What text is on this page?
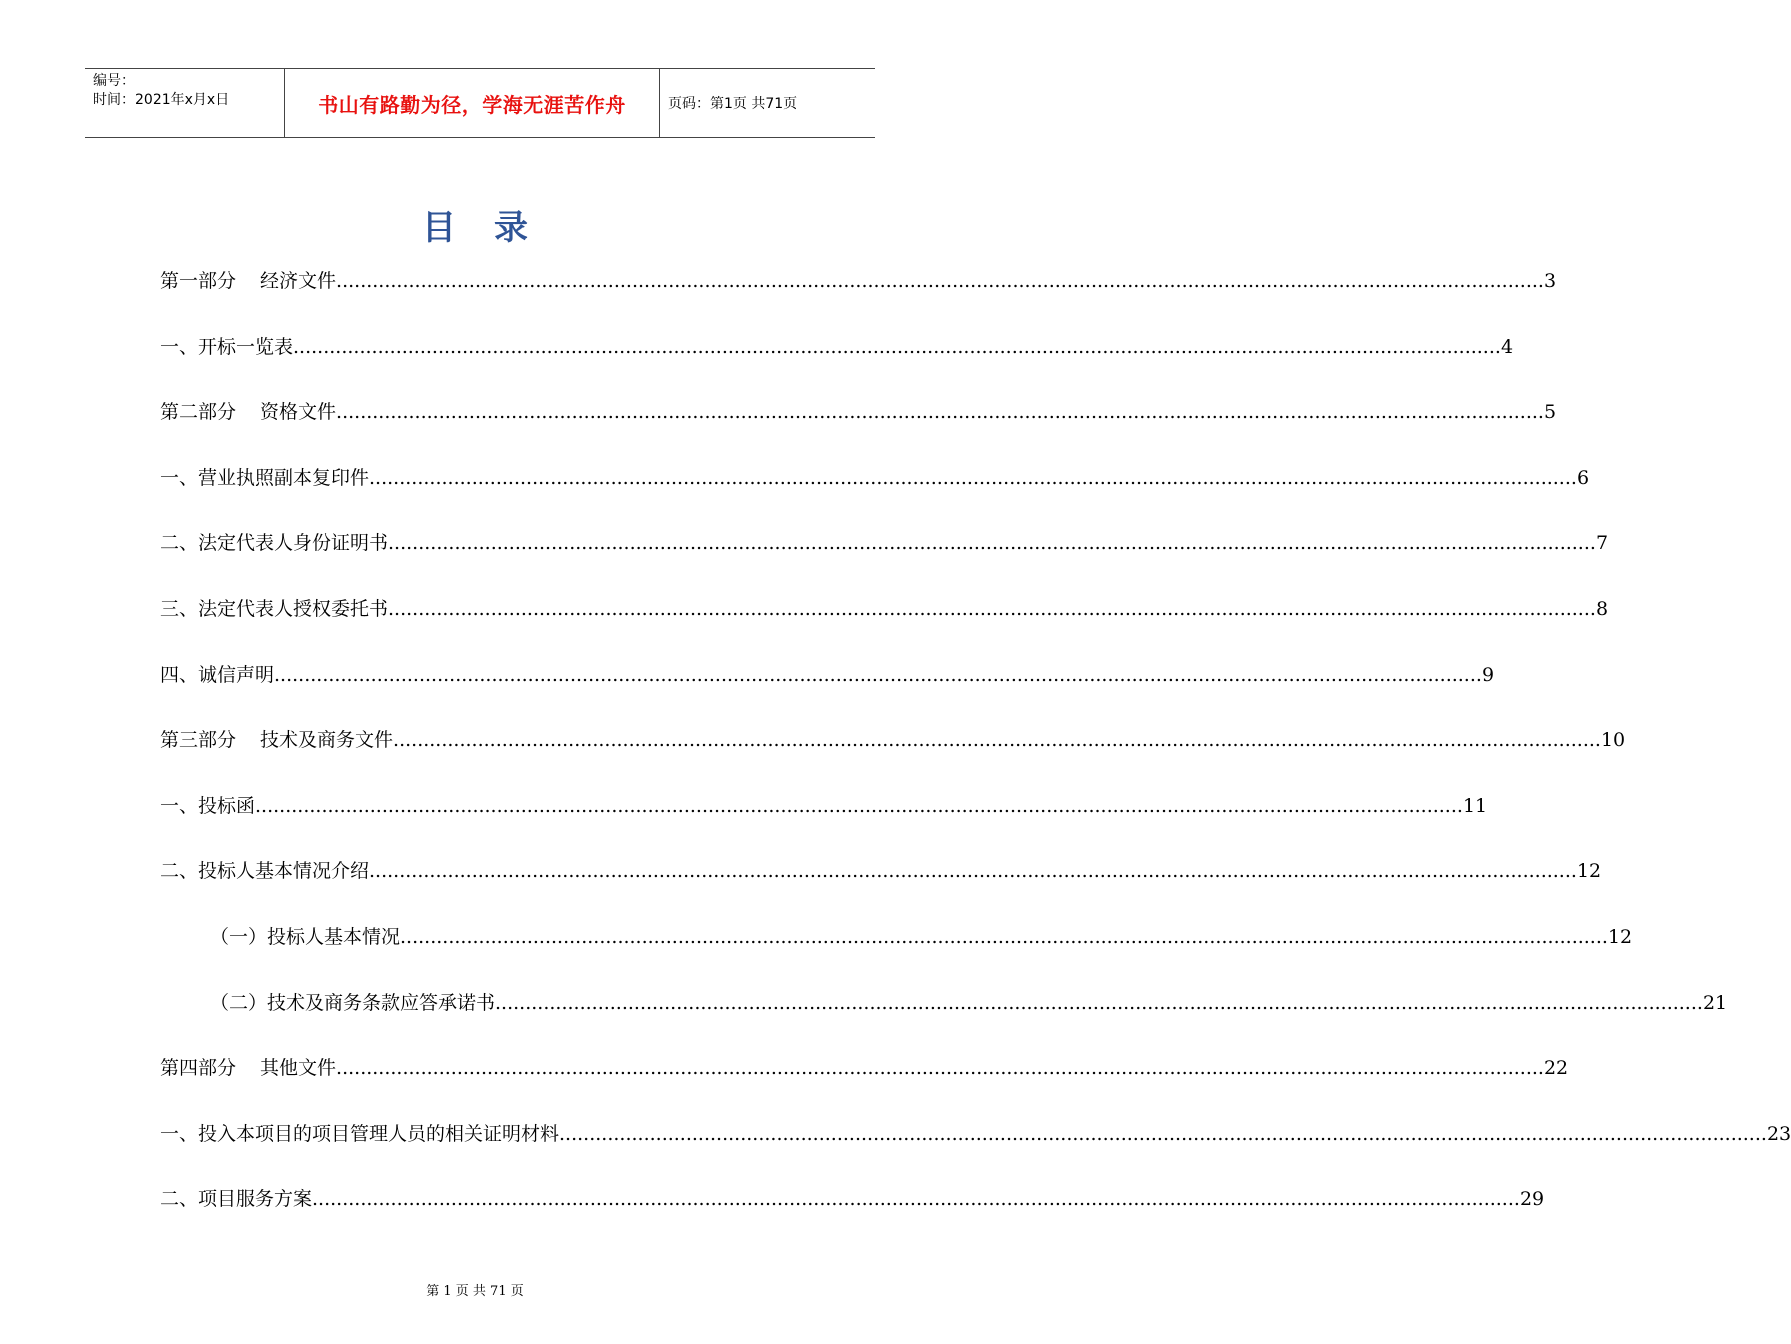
编号：
时间：2021年x月x日	书山有路勤为径，学海无涯苦作舟	页码：第1页 共71页
目 录
第一部分 经济文件 ........................................................................................................................................................................................................ 3
一、开标一览表 ........................................................................................................................................................................................................ 4
第二部分 资格文件 ........................................................................................................................................................................................................ 5
一、营业执照副本复印件 ........................................................................................................................................................................................................ 6
二、法定代表人身份证明书 ........................................................................................................................................................................................................ 7
三、法定代表人授权委托书 ........................................................................................................................................................................................................ 8
四、诚信声明 ........................................................................................................................................................................................................ 9
第三部分 技术及商务文件 ........................................................................................................................................................................................................ 10
一、投标函 ........................................................................................................................................................................................................ 11
二、投标人基本情况介绍 ........................................................................................................................................................................................................ 12
（一）投标人基本情况 ........................................................................................................................................................................................................ 12
（二）技术及商务条款应答承诺书 ........................................................................................................................................................................................................ 21
第四部分 其他文件 ........................................................................................................................................................................................................ 22
一、投入本项目的项目管理人员的相关证明材料 ........................................................................................................................................................................................................ 23
二、项目服务方案 ........................................................................................................................................................................................................ 29
第 1 页 共 71 页
